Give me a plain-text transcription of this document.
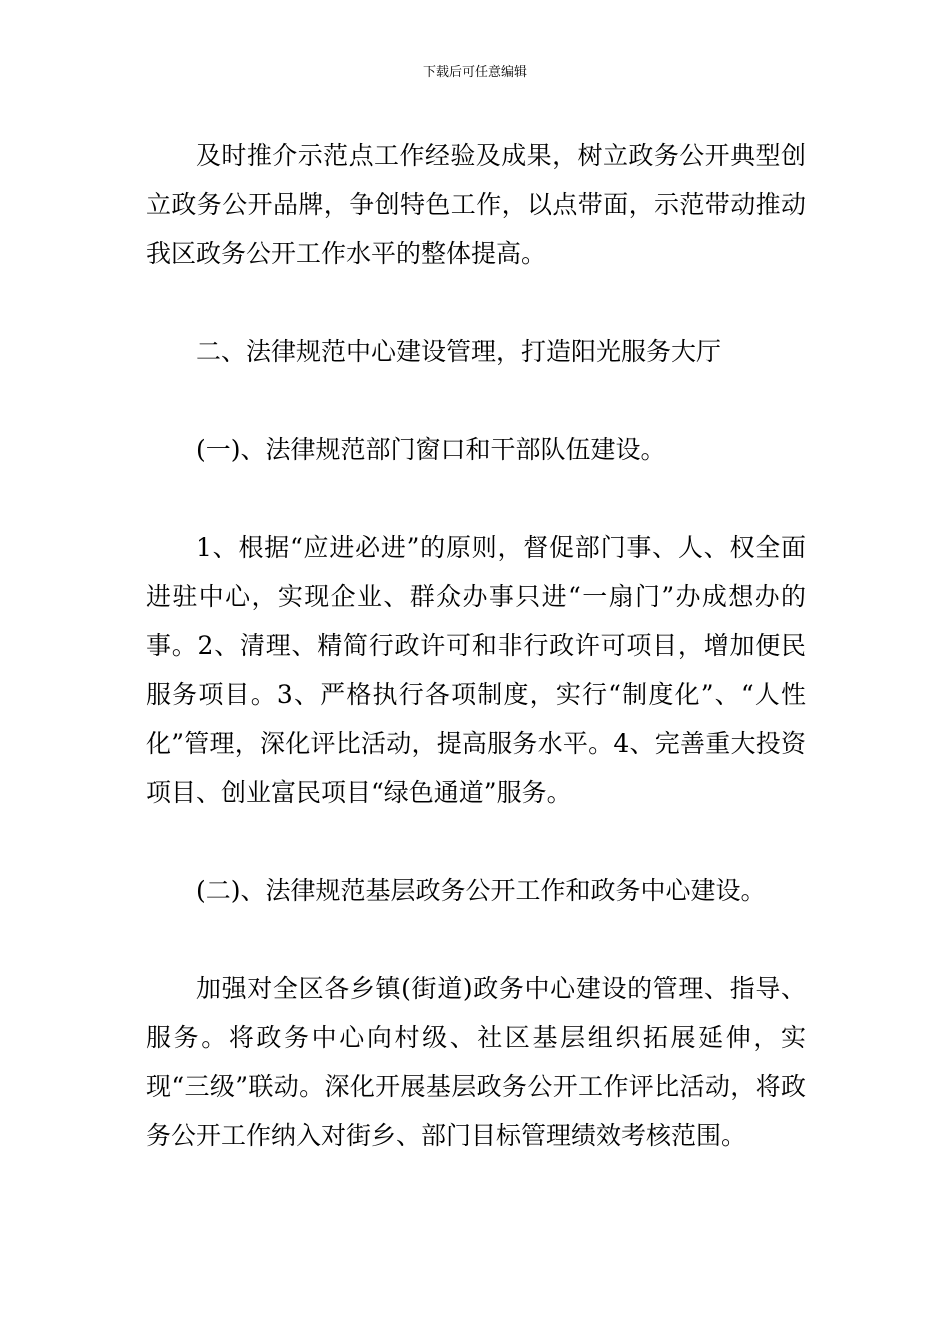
下载后可任意编辑

及时推介示范点工作经验及成果，树立政务公开典型创立政务公开品牌，争创特色工作，以点带面，示范带动推动我区政务公开工作水平的整体提高。

二、法律规范中心建设管理，打造阳光服务大厅

(一)、法律规范部门窗口和干部队伍建设。

1、根据“应进必进”的原则，督促部门事、人、权全面进驻中心，实现企业、群众办事只进“一扇门”办成想办的事。2、清理、精简行政许可和非行政许可项目，增加便民服务项目。3、严格执行各项制度，实行“制度化”、“人性化”管理，深化评比活动，提高服务水平。4、完善重大投资项目、创业富民项目“绿色通道”服务。

(二)、法律规范基层政务公开工作和政务中心建设。

加强对全区各乡镇(街道)政务中心建设的管理、指导、服务。将政务中心向村级、社区基层组织拓展延伸，实现“三级”联动。深化开展基层政务公开工作评比活动，将政务公开工作纳入对街乡、部门目标管理绩效考核范围。
